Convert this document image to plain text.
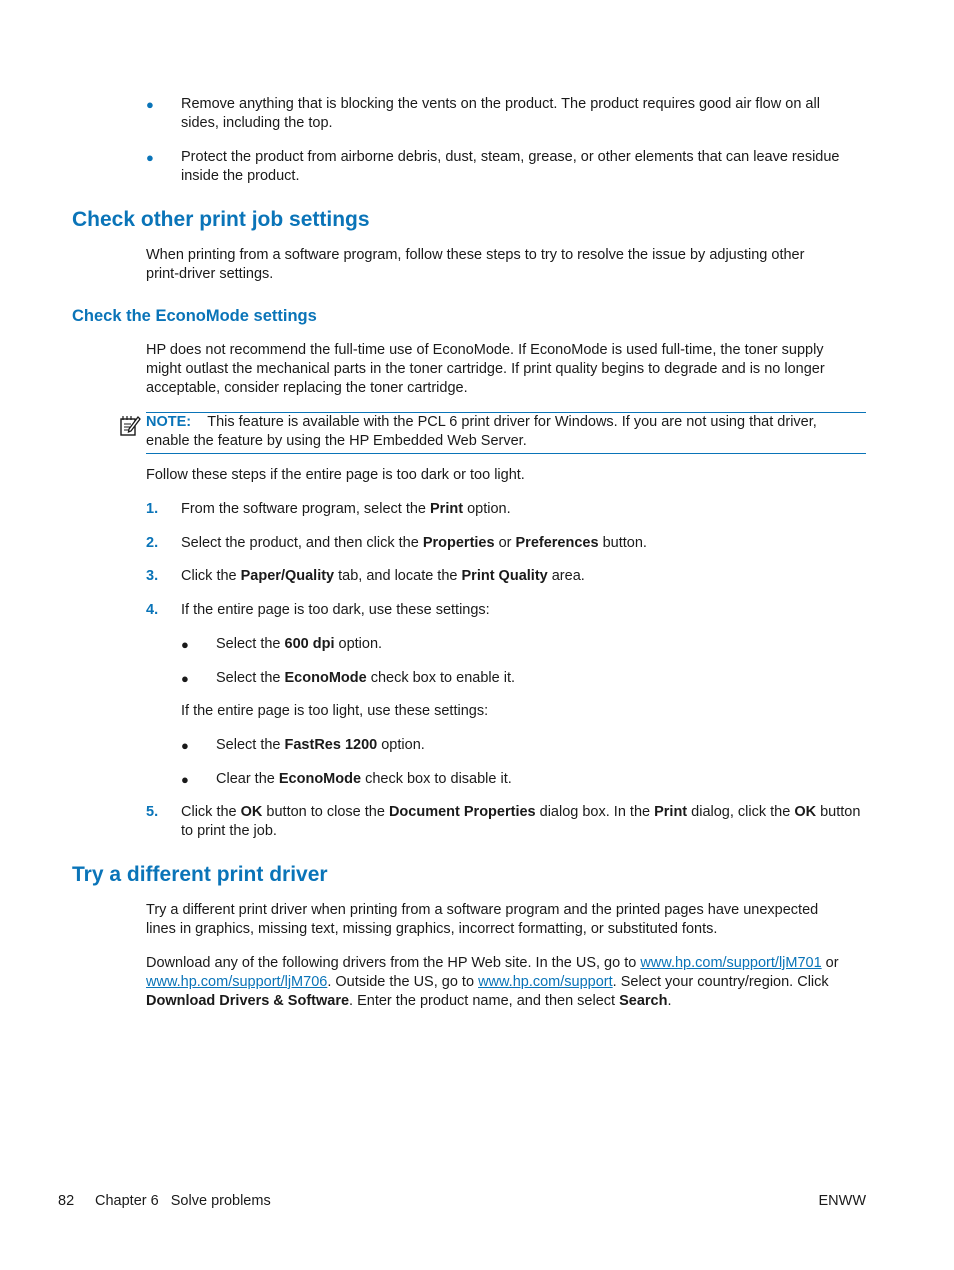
● Remove anything that is blocking the vents on the product. The product requires good air flow on all
sides, including the top.
● Protect the product from airborne debris, dust, steam, grease, or other elements that can leave residue
inside the product.
Check other print job settings
When printing from a software program, follow these steps to try to resolve the issue by adjusting other
print-driver settings.
Check the EconoMode settings
HP does not recommend the full-time use of EconoMode. If EconoMode is used full-time, the toner supply
might outlast the mechanical parts in the toner cartridge. If print quality begins to degrade and is no longer
acceptable, consider replacing the toner cartridge.
NOTE: This feature is available with the PCL 6 print driver for Windows. If you are not using that driver,
enable the feature by using the HP Embedded Web Server.
Follow these steps if the entire page is too dark or too light.
1. From the software program, select the Print option.
2. Select the product, and then click the Properties or Preferences button.
3. Click the Paper/Quality tab, and locate the Print Quality area.
4. If the entire page is too dark, use these settings:
● Select the 600 dpi option.
● Select the EconoMode check box to enable it.
If the entire page is too light, use these settings:
● Select the FastRes 1200 option.
● Clear the EconoMode check box to disable it.
5. Click the OK button to close the Document Properties dialog box. In the Print dialog, click the OK button
to print the job.
Try a different print driver
Try a different print driver when printing from a software program and the printed pages have unexpected
lines in graphics, missing text, missing graphics, incorrect formatting, or substituted fonts.
Download any of the following drivers from the HP Web site. In the US, go to www.hp.com/support/ljM701 or
www.hp.com/support/ljM706. Outside the US, go to www.hp.com/support. Select your country/region. Click
Download Drivers & Software. Enter the product name, and then select Search.
82 Chapter 6   Solve problems	ENWW
